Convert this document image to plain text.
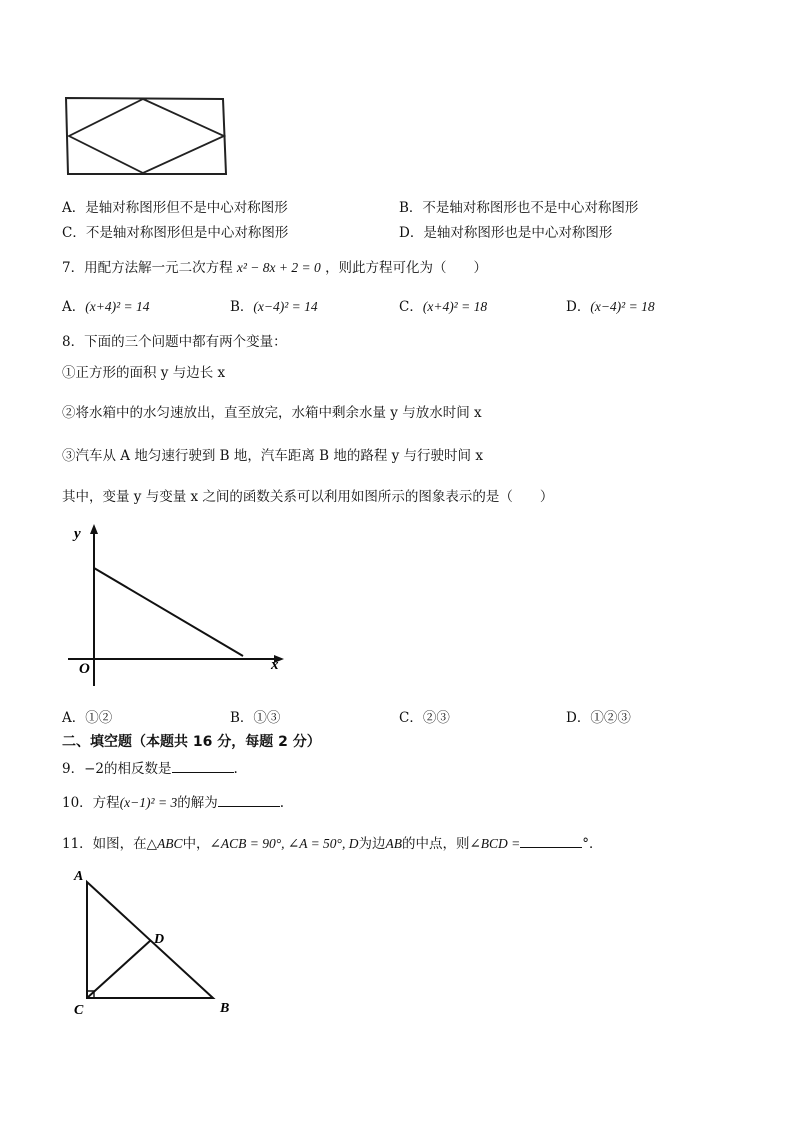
A．是轴对称图形但不是中心对称图形	B．不是轴对称图形也不是中心对称图形
C．不是轴对称图形但是中心对称图形	D．是轴对称图形也是中心对称图形
7．用配方法解一元二次方程 x² − 8x + 2 = 0 ，则此方程可化为（　　）
A．(x+4)² = 14	B．(x−4)² = 14	C．(x+4)² = 18	D．(x−4)² = 18
8．下面的三个问题中都有两个变量：
①正方形的面积 y 与边长 x
②将水箱中的水匀速放出，直至放完，水箱中剩余水量 y 与放水时间 x
③汽车从 A 地匀速行驶到 B 地，汽车距离 B 地的路程 y 与行驶时间 x
其中，变量 y 与变量 x 之间的函数关系可以利用如图所示的图象表示的是（　　）
y
x
O
A．①②	B．①③	C．②③	D．①②③
二、填空题（本题共 16 分，每题 2 分）
9．−2的相反数是	.
10．方程(x−1)² = 3的解为	.
11．如图，在△ABC中，∠ACB = 90°, ∠A = 50°, D为边AB的中点，则∠BCD =	°．
A
B
C
D
